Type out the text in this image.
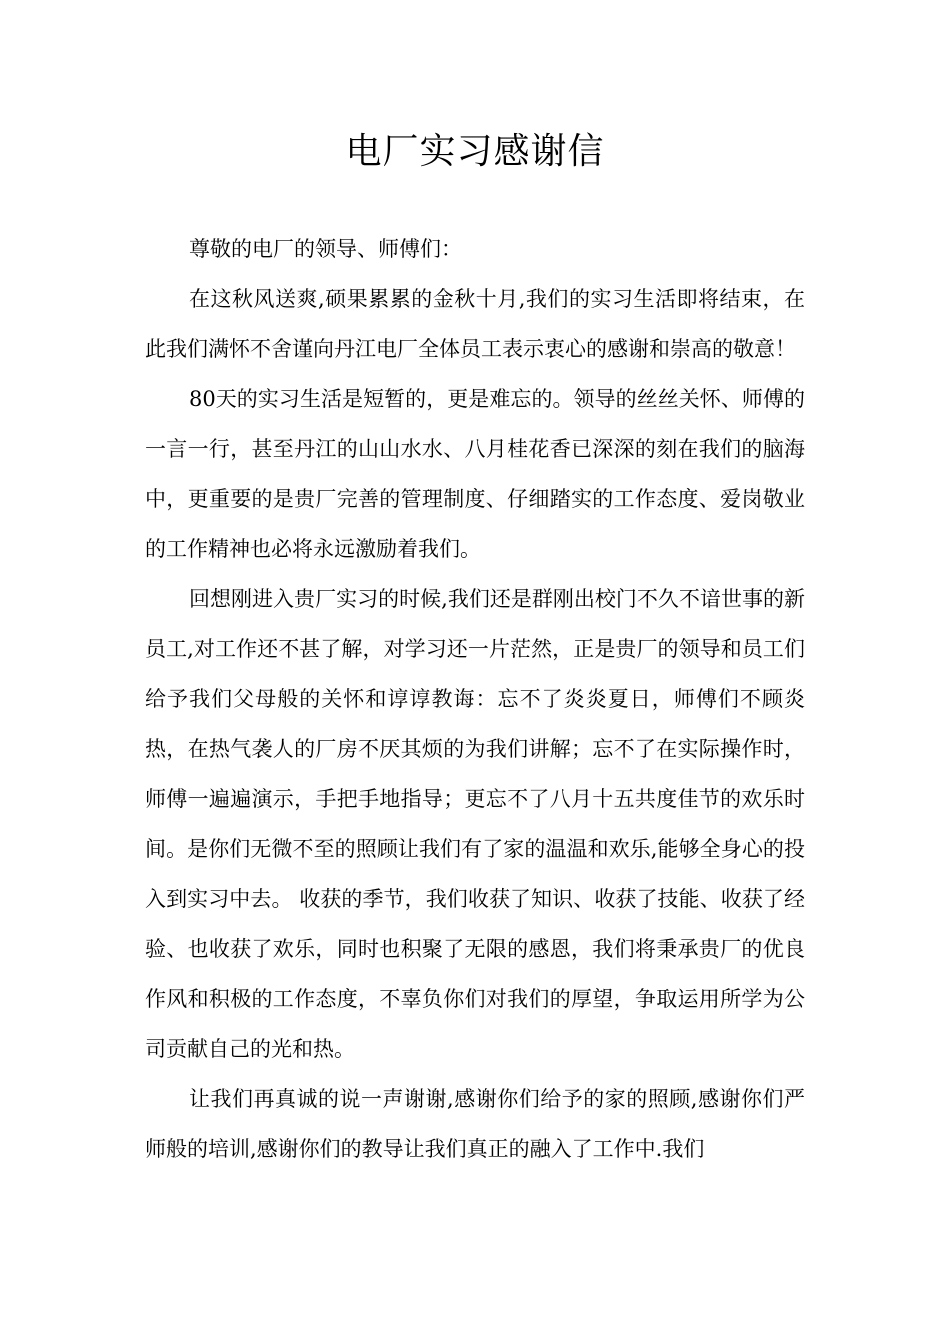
电厂实习感谢信

尊敬的电厂的领导、师傅们：

在这秋风送爽,硕果累累的金秋十月,我们的实习生活即将结束，在此我们满怀不舍谨向丹江电厂全体员工表示衷心的感谢和崇高的敬意！

80天的实习生活是短暂的，更是难忘的。领导的丝丝关怀、师傅的一言一行，甚至丹江的山山水水、八月桂花香已深深的刻在我们的脑海中，更重要的是贵厂完善的管理制度、仔细踏实的工作态度、爱岗敬业的工作精神也必将永远激励着我们。

回想刚进入贵厂实习的时候,我们还是群刚出校门不久不谙世事的新员工,对工作还不甚了解，对学习还一片茫然，正是贵厂的领导和员工们给予我们父母般的关怀和谆谆教诲：忘不了炎炎夏日，师傅们不顾炎热，在热气袭人的厂房不厌其烦的为我们讲解；忘不了在实际操作时，师傅一遍遍演示，手把手地指导；更忘不了八月十五共度佳节的欢乐时间。是你们无微不至的照顾让我们有了家的温温和欢乐,能够全身心的投入到实习中去。 收获的季节，我们收获了知识、收获了技能、收获了经验、也收获了欢乐，同时也积聚了无限的感恩，我们将秉承贵厂的优良作风和积极的工作态度，不辜负你们对我们的厚望，争取运用所学为公司贡献自己的光和热。

让我们再真诚的说一声谢谢,感谢你们给予的家的照顾,感谢你们严师般的培训,感谢你们的教导让我们真正的融入了工作中.我们
